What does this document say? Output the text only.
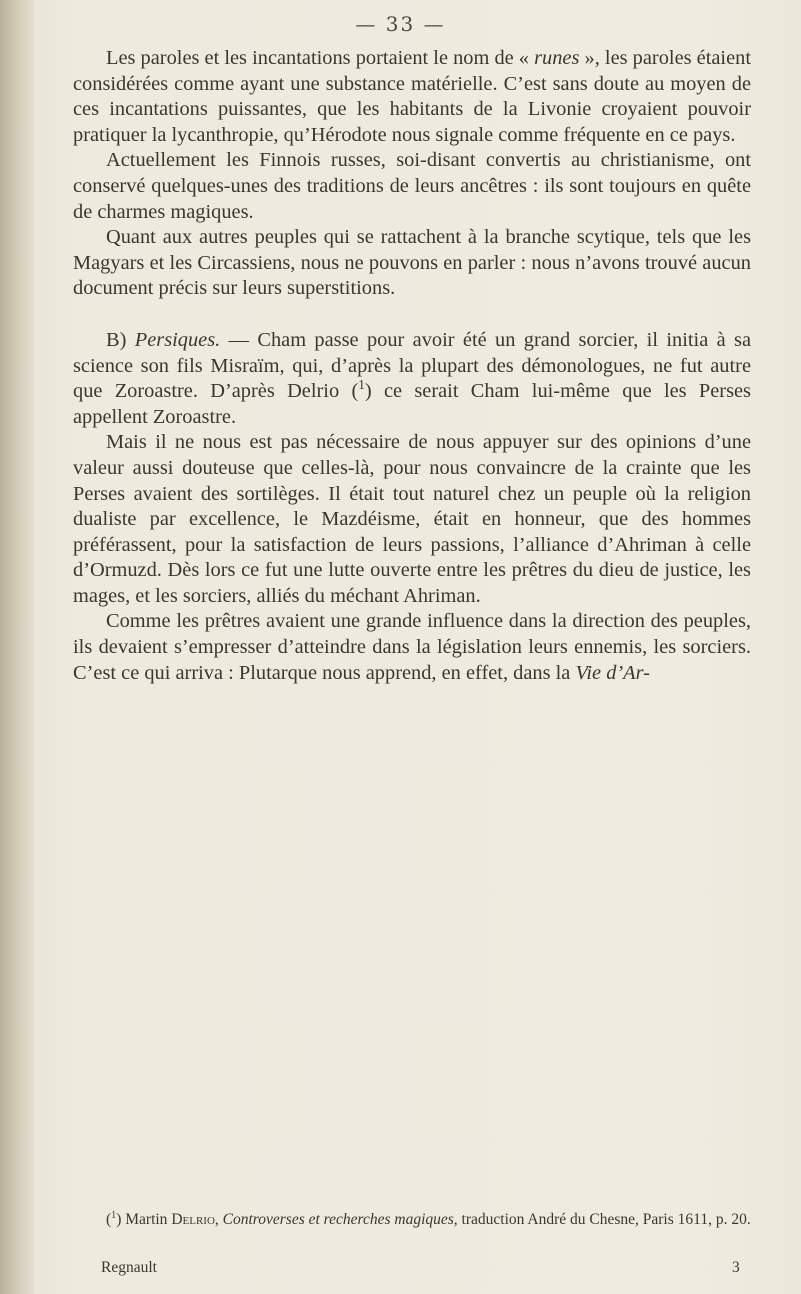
— 33 —

Les paroles et les incantations portaient le nom de « runes », les paroles étaient considérées comme ayant une substance matérielle. C’est sans doute au moyen de ces incantations puissantes, que les habitants de la Livonie croyaient pouvoir pratiquer la lycanthropie, qu’Hérodote nous signale comme fréquente en ce pays.

Actuellement les Finnois russes, soi-disant convertis au christianisme, ont conservé quelques-unes des traditions de leurs ancêtres : ils sont toujours en quête de charmes magiques.

Quant aux autres peuples qui se rattachent à la branche scytique, tels que les Magyars et les Circassiens, nous ne pouvons en parler : nous n’avons trouvé aucun document précis sur leurs superstitions.

B) Persiques. — Cham passe pour avoir été un grand sorcier, il initia à sa science son fils Misraïm, qui, d’après la plupart des démonologues, ne fut autre que Zoroastre. D’après Delrio ($^1$) ce serait Cham lui-même que les Perses appellent Zoroastre.

Mais il ne nous est pas nécessaire de nous appuyer sur des opinions d’une valeur aussi douteuse que celles-là, pour nous convaincre de la crainte que les Perses avaient des sortilèges. Il était tout naturel chez un peuple où la religion dualiste par excellence, le Mazdéisme, était en honneur, que des hommes préférassent, pour la satisfaction de leurs passions, l’alliance d’Ahriman à celle d’Ormuzd. Dès lors ce fut une lutte ouverte entre les prêtres du dieu de justice, les mages, et les sorciers, alliés du méchant Ahriman.

Comme les prêtres avaient une grande influence dans la direction des peuples, ils devaient s’empresser d’atteindre dans la législation leurs ennemis, les sorciers. C’est ce qui arriva : Plutarque nous apprend, en effet, dans la Vie d’Ar-

($^1$) Martin Delrio, Controverses et recherches magiques, traduction André du Chesne, Paris 1611, p. 20.
Regnault	3
